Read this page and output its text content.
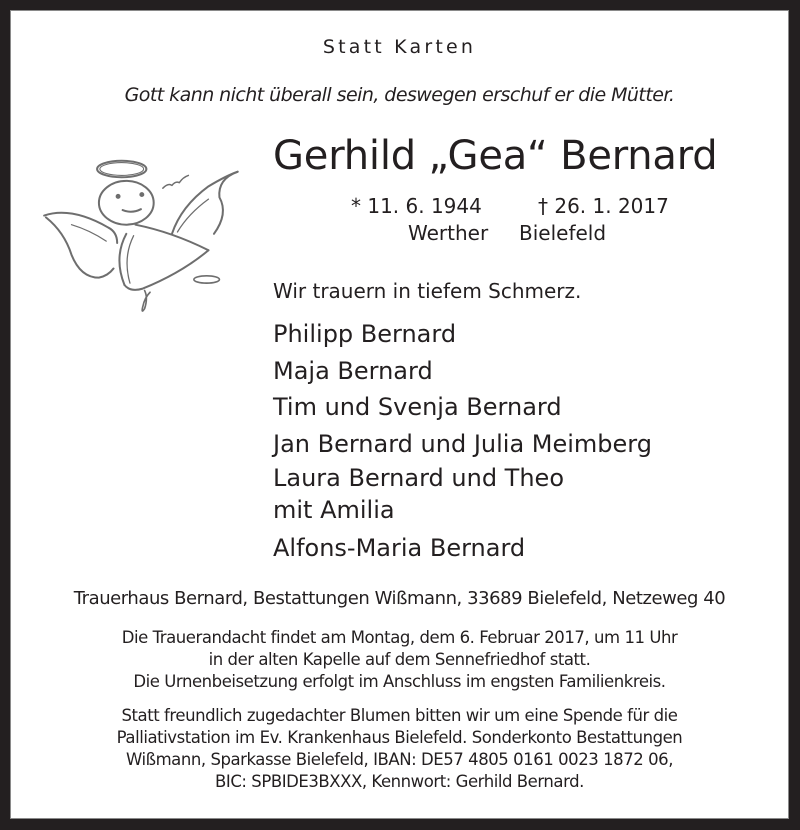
Statt Karten
Gott kann nicht überall sein, deswegen erschuf er die Mütter.
Gerhild „Gea“ Bernard
* 11. 6. 1944	† 26. 1. 2017
Werther Bielefeld
Wir trauern in tiefem Schmerz.
Philipp Bernard
Maja Bernard
Tim und Svenja Bernard
Jan Bernard und Julia Meimberg
Laura Bernard und Theo
mit Amilia
Alfons-Maria Bernard
Trauerhaus Bernard, Bestattungen Wißmann, 33689 Bielefeld, Netzeweg 40
Die Trauerandacht findet am Montag, dem 6. Februar 2017, um 11 Uhr
in der alten Kapelle auf dem Sennefriedhof statt.
Die Urnenbeisetzung erfolgt im Anschluss im engsten Familienkreis.
Statt freundlich zugedachter Blumen bitten wir um eine Spende für die
Palliativstation im Ev. Krankenhaus Bielefeld. Sonderkonto Bestattungen
Wißmann, Sparkasse Bielefeld, IBAN: DE57 4805 0161 0023 1872 06,
BIC: SPBIDE3BXXX, Kennwort: Gerhild Bernard.
